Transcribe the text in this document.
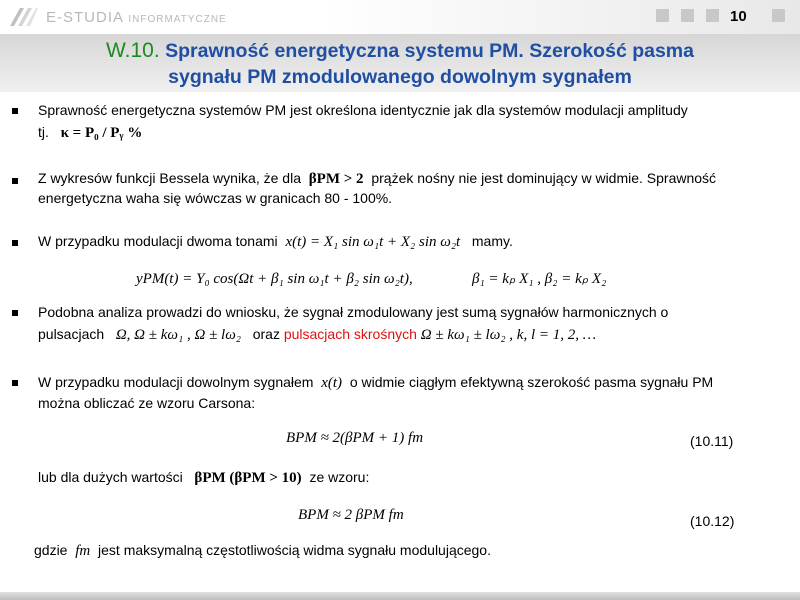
E-STUDIA INFORMATYCZNE	10
W.10. Sprawność energetyczna systemu PM. Szerokość pasma
sygnału PM zmodulowanego dowolnym sygnałem
Sprawność energetyczna systemów PM jest określona identycznie jak dla systemów modulacji amplitudy
tj. κ = P₀ / Pᵧ %
Z wykresów funkcji Bessela wynika, że dla βPM > 2 prążek nośny nie jest dominujący w widmie. Sprawność
energetyczna waha się wówczas w granicach 80 - 100%.
W przypadku modulacji dwoma tonami x(t) = X₁ sin ω₁t + X₂ sin ω₂t mamy.
yPM(t) = Y₀ cos(Ωt + β₁ sin ω₁t + β₂ sin ω₂t),	β₁ = kₚ X₁ , β₂ = kₚ X₂
Podobna analiza prowadzi do wniosku, że sygnał zmodulowany jest sumą sygnałów harmonicznych o
pulsacjach Ω, Ω ± kω₁ , Ω ± lω₂ oraz pulsacjach skrośnych Ω ± kω₁ ± lω₂ , k, l = 1, 2, …
W przypadku modulacji dowolnym sygnałem x(t) o widmie ciągłym efektywną szerokość pasma sygnału PM
można obliczać ze wzoru Carsona:
BPM ≈ 2(βPM + 1) fm	(10.11)
lub dla dużych wartości βPM (βPM > 10) ze wzoru:
BPM ≈ 2 βPM fm	(10.12)
gdzie fm jest maksymalną częstotliwością widma sygnału modulującego.
